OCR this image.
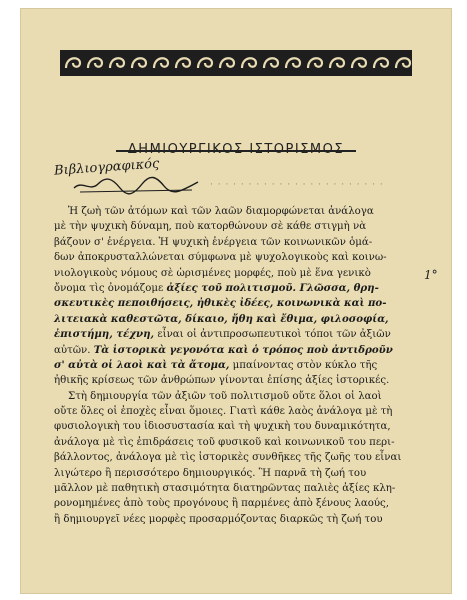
Βιβλιογραφικός
· · · · · · · · · · · · · · · · · · · · · · ·
Ἡ ζωὴ τῶν ἀτόμων καὶ τῶν λαῶν διαμορφώνεται ἀνάλογα
μὲ τὴν ψυχικὴ δύναμη, ποὺ κατορθώνουν σὲ κάθε στιγμὴ νὰ
βάζουν σ' ἐνέργεια. Ἡ ψυχικὴ ἐνέργεια τῶν κοινωνικῶν ὁμά-
δων ἀποκρυσταλλώνεται σύμφωνα μὲ ψυχολογικοὺς καὶ κοινω-
νιολογικοὺς νόμους σὲ ὡρισμένες μορφές, ποὺ μὲ ἕνα γενικὸ
ὄνομα τὶς ὀνομάζομε ἀξίες τοῦ πολιτισμοῦ. Γλῶσσα, θρη-
σκευτικὲς πεποιθήσεις, ἠθικὲς ἰδέες, κοινωνικὰ καὶ πο-
λιτειακὰ καθεστῶτα, δίκαιο, ἤθη καὶ ἔθιμα, φιλοσοφία,
ἐπιστήμη, τέχνη, εἶναι οἱ ἀντιπροσωπευτικοὶ τόποι τῶν ἀξιῶν
αὐτῶν. Τὰ ἱστορικὰ γεγονότα καὶ ὁ τρόπος ποὺ ἀντιδροῦν
σ' αὐτὰ οἱ λαοὶ καὶ τὰ ἄτομα, μπαίνοντας στὸν κύκλο τῆς
ἠθικῆς κρίσεως τῶν ἀνθρώπων γίνονται ἐπίσης ἀξίες ἱστορικές.
Στὴ δημιουργία τῶν ἀξιῶν τοῦ πολιτισμοῦ οὔτε ὅλοι οἱ λαοὶ
οὔτε ὅλες οἱ ἐποχὲς εἶναι ὅμοιες. Γιατὶ κάθε λαὸς ἀνάλογα μὲ τὴ
φυσιολογικὴ του ἰδιοσυστασία καὶ τὴ ψυχικὴ του δυναμικότητα,
ἀνάλογα μὲ τὶς ἐπιδράσεις τοῦ φυσικοῦ καὶ κοινωνικοῦ του περι-
βάλλοντος, ἀνάλογα μὲ τὶς ἱστορικὲς συνθῆκες τῆς ζωῆς του εἶναι
λιγώτερο ἢ περισσότερο δημιουργικός. Ἢ παρνᾶ τὴ ζωή του
μᾶλλον μὲ παθητικὴ στασιμότητα διατηρῶντας παλιὲς ἀξίες κλη-
ρονομημένες ἀπὸ τοὺς προγόνους ἢ παρμένες ἀπὸ ξένους λαούς,
ἢ δημιουργεῖ νέες μορφὲς προσαρμόζοντας διαρκῶς τὴ ζωή του
1°
